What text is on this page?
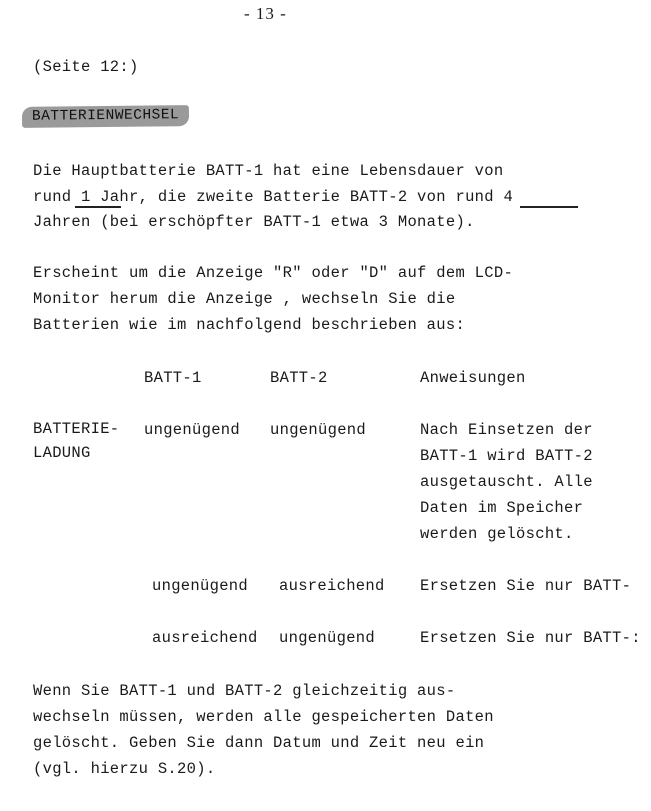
- 13 -
(Seite 12:)
BATTERIENWECHSEL
Die Hauptbatterie BATT-1 hat eine Lebensdauer von
rund 1 Jahr, die zweite Batterie BATT-2 von rund 4
Jahren (bei erschöpfter BATT-1 etwa 3 Monate).
Erscheint um die Anzeige "R" oder "D" auf dem LCD-
Monitor herum die Anzeige , wechseln Sie die
Batterien wie im nachfolgend beschrieben aus:
BATT-1	BATT-2	Anweisungen
BATTERIE-
LADUNG
ungenügend ungenügend	Nach Einsetzen der
BATT-1 wird BATT-2
ausgetauscht. Alle
Daten im Speicher
werden gelöscht.
ungenügend ausreichend Ersetzen Sie nur BATT-
ausreichend ungenügend	Ersetzen Sie nur BATT-:
Wenn Sie BATT-1 und BATT-2 gleichzeitig aus-
wechseln müssen, werden alle gespeicherten Daten
gelöscht. Geben Sie dann Datum und Zeit neu ein
(vgl. hierzu S.20).
